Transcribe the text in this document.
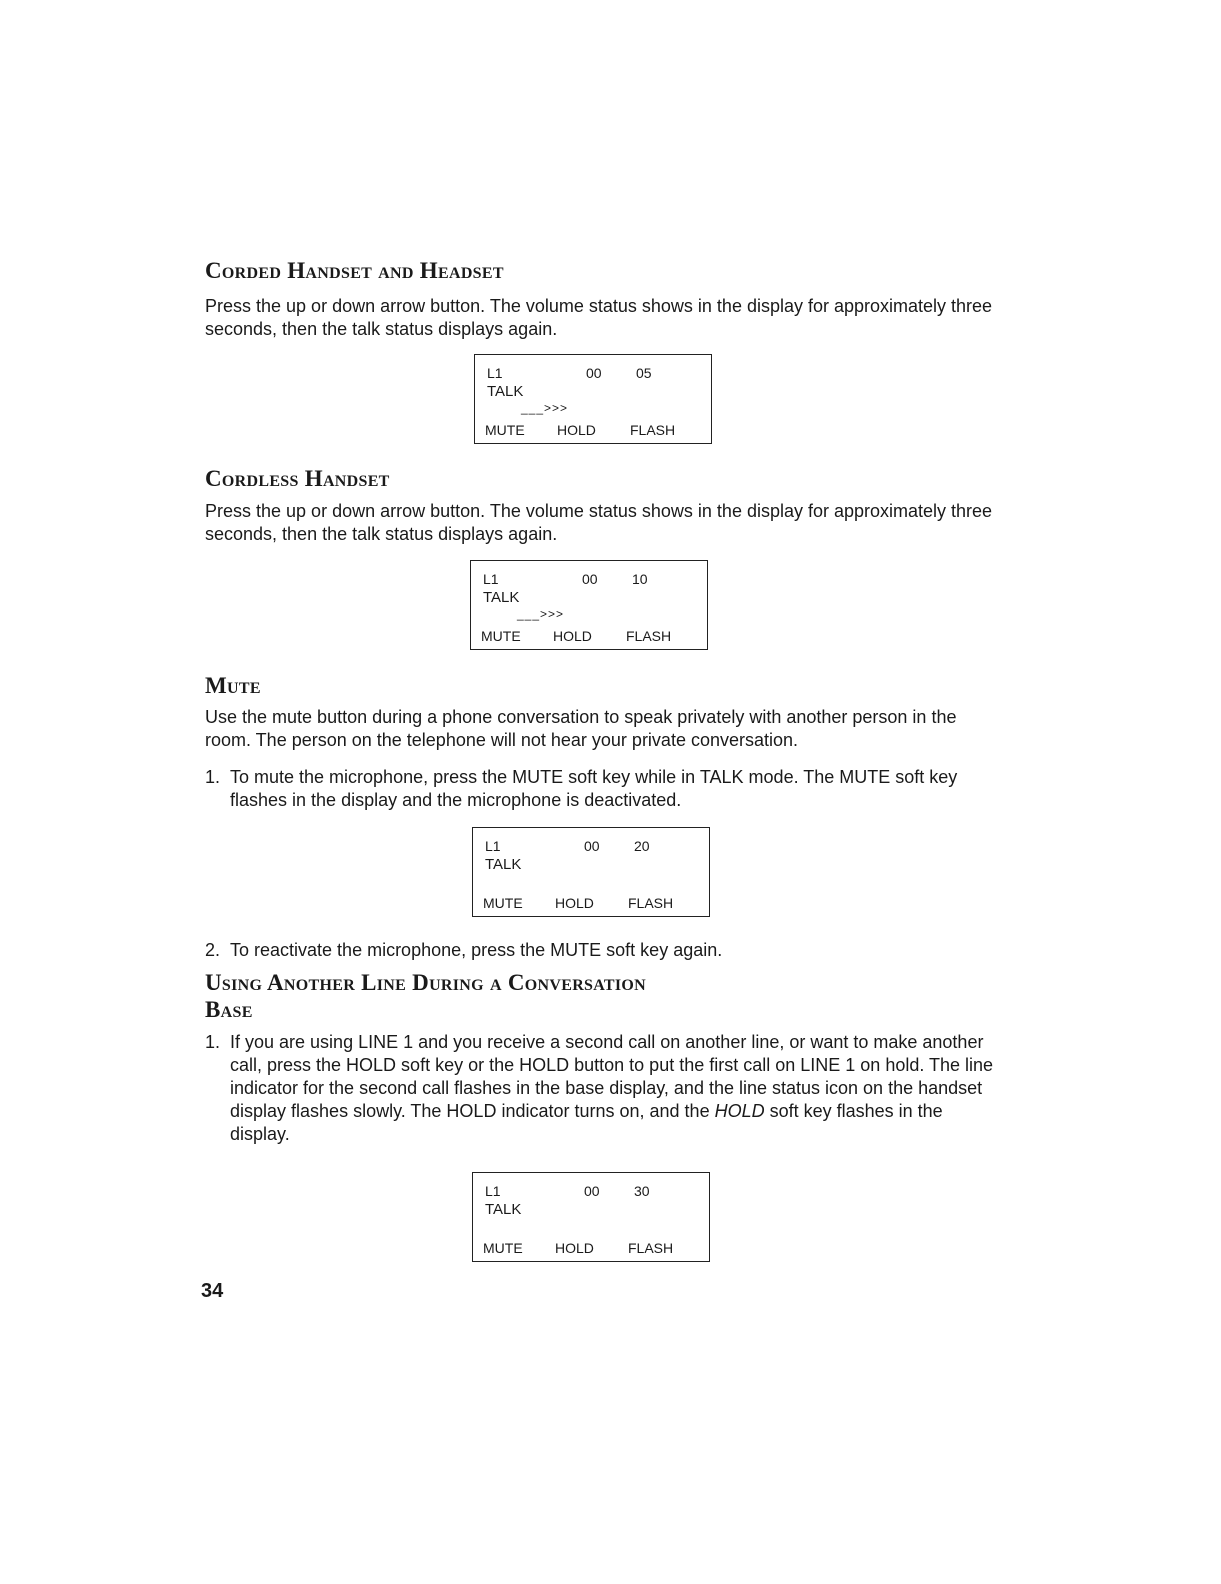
Corded Handset and Headset

Press the up or down arrow button. The volume status shows in the display for approximately three seconds, then the talk status displays again.

L1	00 05
TALK
___>>>
MUTE HOLD FLASH
Cordless Handset

Press the up or down arrow button. The volume status shows in the display for approximately three seconds, then the talk status displays again.

L1	00 10
TALK
___>>>
MUTE HOLD FLASH
Mute

Use the mute button during a phone conversation to speak privately with another person in the room. The person on the telephone will not hear your private conversation.

1. To mute the microphone, press the MUTE soft key while in TALK mode. The MUTE soft key flashes in the display and the microphone is deactivated.
L1	00 20
TALK
MUTE HOLD FLASH
2. To reactivate the microphone, press the MUTE soft key again.
Using Another Line During a Conversation
Base
1. If you are using LINE 1 and you receive a second call on another line, or want to make another call, press the HOLD soft key or the HOLD button to put the first call on LINE 1 on hold. The line indicator for the second call flashes in the base display, and the line status icon on the handset display flashes slowly. The HOLD indicator turns on, and the HOLD soft key flashes in the display.
L1	00 30
TALK
MUTE HOLD FLASH
34
